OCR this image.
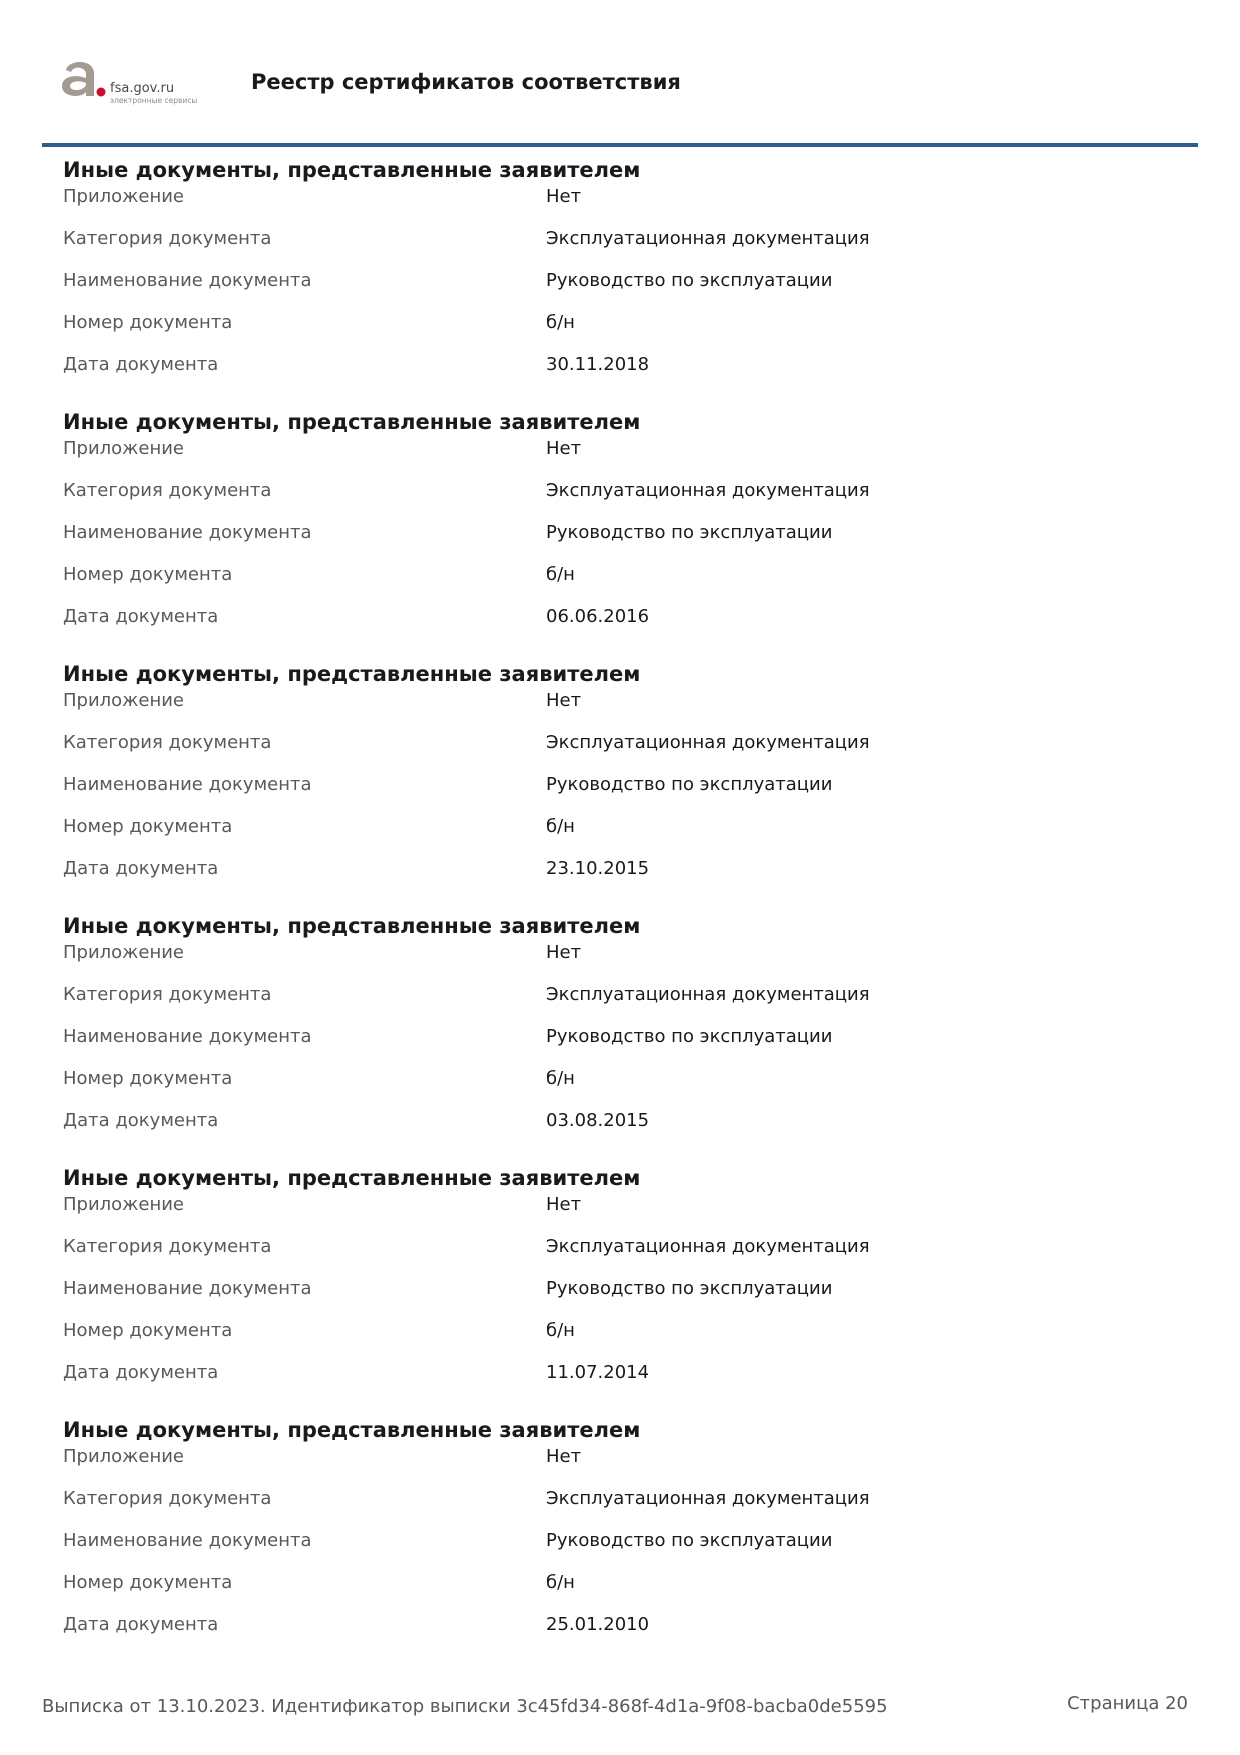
fsa.gov.ru
электронные сервисы
Реестр сертификатов соответствия
Иные документы, представленные заявителем
Приложение	Нет
Категория документа	Эксплуатационная документация
Наименование документа	Руководство по эксплуатации
Номер документа	б/н
Дата документа	30.11.2018
Иные документы, представленные заявителем
Приложение	Нет
Категория документа	Эксплуатационная документация
Наименование документа	Руководство по эксплуатации
Номер документа	б/н
Дата документа	06.06.2016
Иные документы, представленные заявителем
Приложение	Нет
Категория документа	Эксплуатационная документация
Наименование документа	Руководство по эксплуатации
Номер документа	б/н
Дата документа	23.10.2015
Иные документы, представленные заявителем
Приложение	Нет
Категория документа	Эксплуатационная документация
Наименование документа	Руководство по эксплуатации
Номер документа	б/н
Дата документа	03.08.2015
Иные документы, представленные заявителем
Приложение	Нет
Категория документа	Эксплуатационная документация
Наименование документа	Руководство по эксплуатации
Номер документа	б/н
Дата документа	11.07.2014
Иные документы, представленные заявителем
Приложение	Нет
Категория документа	Эксплуатационная документация
Наименование документа	Руководство по эксплуатации
Номер документа	б/н
Дата документа	25.01.2010
Выписка от 13.10.2023. Идентификатор выписки 3c45fd34-868f-4d1a-9f08-bacba0de5595	Страница 20
